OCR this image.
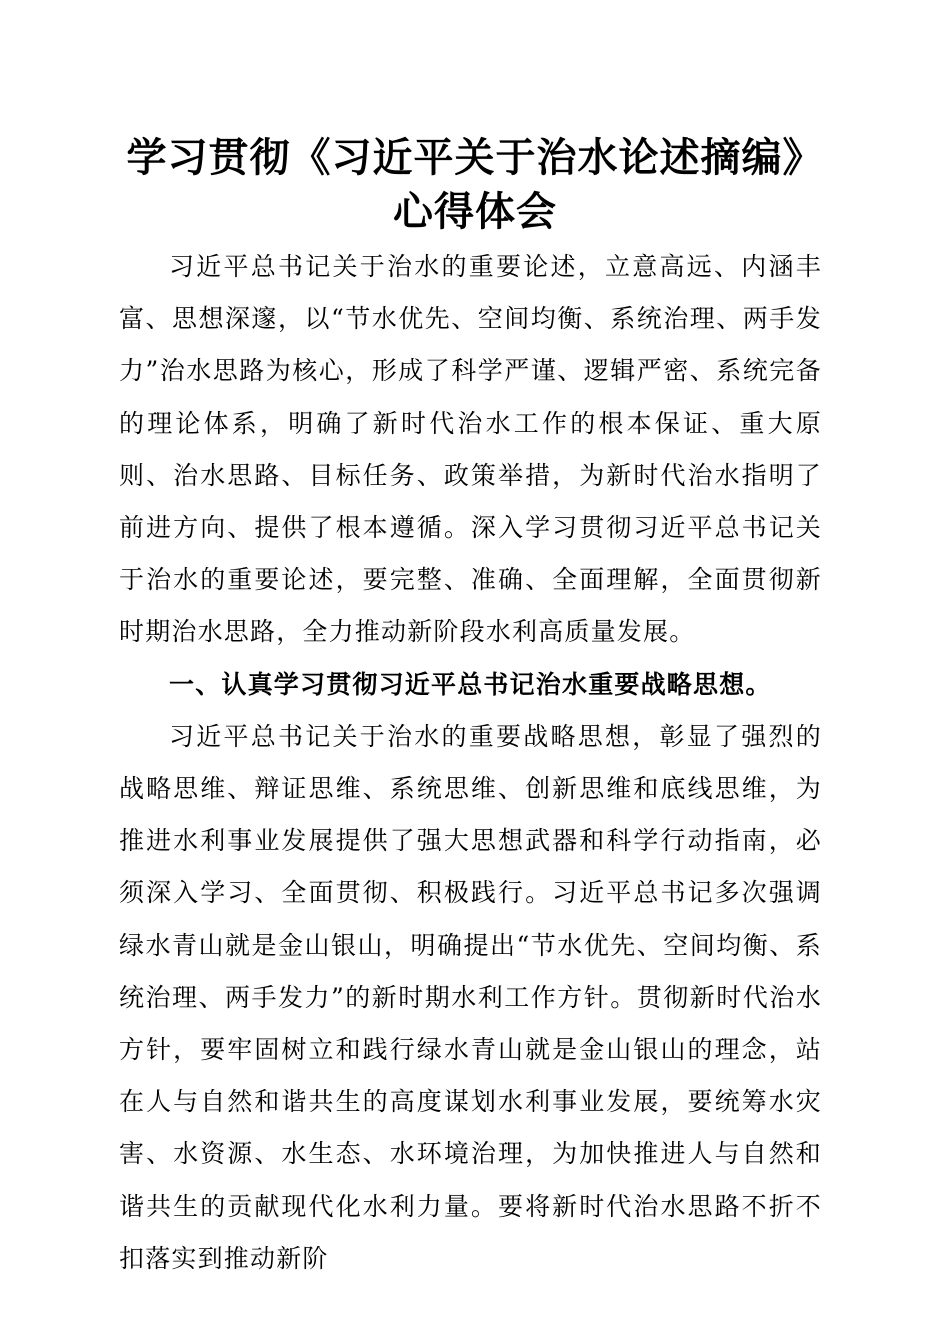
学习贯彻《习近平关于治水论述摘编》
心得体会

习近平总书记关于治水的重要论述，立意高远、内涵丰富、思想深邃，以“节水优先、空间均衡、系统治理、两手发力”治水思路为核心，形成了科学严谨、逻辑严密、系统完备的理论体系，明确了新时代治水工作的根本保证、重大原则、治水思路、目标任务、政策举措，为新时代治水指明了前进方向、提供了根本遵循。深入学习贯彻习近平总书记关于治水的重要论述，要完整、准确、全面理解，全面贯彻新时期治水思路，全力推动新阶段水利高质量发展。

一、认真学习贯彻习近平总书记治水重要战略思想。

习近平总书记关于治水的重要战略思想，彰显了强烈的战略思维、辩证思维、系统思维、创新思维和底线思维，为推进水利事业发展提供了强大思想武器和科学行动指南，必须深入学习、全面贯彻、积极践行。习近平总书记多次强调绿水青山就是金山银山，明确提出“节水优先、空间均衡、系统治理、两手发力”的新时期水利工作方针。贯彻新时代治水方针，要牢固树立和践行绿水青山就是金山银山的理念，站在人与自然和谐共生的高度谋划水利事业发展，要统筹水灾害、水资源、水生态、水环境治理，为加快推进人与自然和谐共生的贡献现代化水利力量。要将新时代治水思路不折不扣落实到推动新阶
